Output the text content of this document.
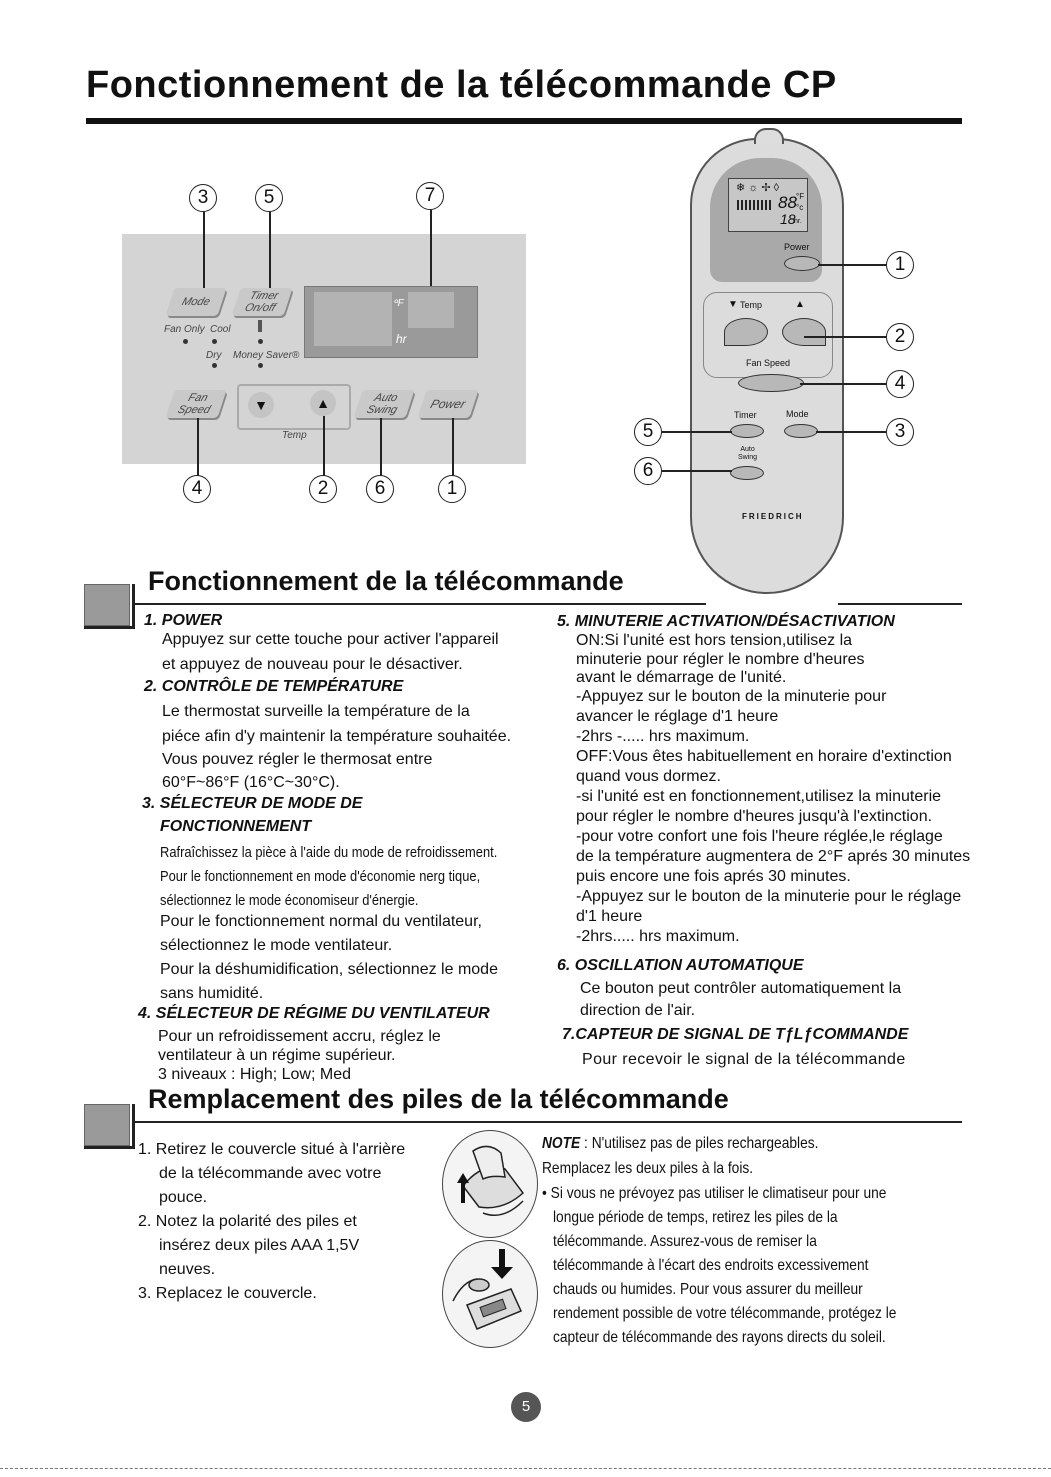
Fonctionnement de la télécommande CP
3	5	7
Mode	Timer
On/off
Fan Only Cool
Dry Money Saver®
ºF
hr
Fan
Speed	▼	▲
Temp
Auto
Swing Power
4	2	6	1
❄ ☼ ✢ ◊
88 °F
°c
18
hr.
Power
Temp
▼	▲
Fan Speed
Timer	Mode
Auto
Swing
FRIEDRICH
1
2
4
3
5
6
Fonctionnement de la télécommande
1. POWER
Appuyez sur cette touche pour activer l'appareil
et appuyez de nouveau pour le désactiver.
2. CONTRÔLE DE TEMPÉRATURE
Le thermostat surveille la température de la
piéce afin d'y maintenir la température souhaitée.
Vous pouvez régler le thermosat entre
60°F~86°F (16°C~30°C).
3. SÉLECTEUR DE MODE DE
FONCTIONNEMENT
Rafraîchissez la pièce à l'aide du mode de refroidissement.
Pour le fonctionnement en mode d'économie nerg tique,
sélectionnez le mode économiseur d'énergie.
Pour le fonctionnement normal du ventilateur,
sélectionnez le mode ventilateur.
Pour la déshumidification, sélectionnez le mode
sans humidité.
4. SÉLECTEUR DE RÉGIME DU VENTILATEUR
Pour un refroidissement accru, réglez le
ventilateur à un régime supérieur.
3 niveaux : High; Low; Med
5. MINUTERIE ACTIVATION/DÉSACTIVATION
ON:Si l'unité est hors tension,utilisez la
minuterie pour régler le nombre d'heures
avant le démarrage de l'unité.
-Appuyez sur le bouton de la minuterie pour
avancer le réglage d'1 heure
-2hrs -..... hrs maximum.
OFF:Vous êtes habituellement en horaire d'extinction
quand vous dormez.
-si l'unité est en fonctionnement,utilisez la minuterie
pour régler le nombre d'heures jusqu'à l'extinction.
-pour votre confort une fois l'heure réglée,le réglage
de la température augmentera de 2°F aprés 30 minutes
puis encore une fois aprés 30 minutes.
-Appuyez sur le bouton de la minuterie pour le réglage
d'1 heure
-2hrs..... hrs maximum.
6. OSCILLATION AUTOMATIQUE
Ce bouton peut contrôler automatiquement la
direction de l'air.
7.CAPTEUR DE SIGNAL DE TƒLƒCOMMANDE
Pour recevoir le signal de la télécommande
Remplacement des piles de la télécommande
1. Retirez le couvercle situé à l'arrière
de la télécommande avec votre
pouce.
2. Notez la polarité des piles et
insérez deux piles AAA 1,5V
neuves.
3. Replacez le couvercle.
NOTE : N'utilisez pas de piles rechargeables.
Remplacez les deux piles à la fois.
• Si vous ne prévoyez pas utiliser le climatiseur pour une
longue période de temps, retirez les piles de la
télécommande. Assurez-vous de remiser la
télécommande à l'écart des endroits excessivement
chauds ou humides. Pour vous assurer du meilleur
rendement possible de votre télécommande, protégez le
capteur de télécommande des rayons directs du soleil.
5
